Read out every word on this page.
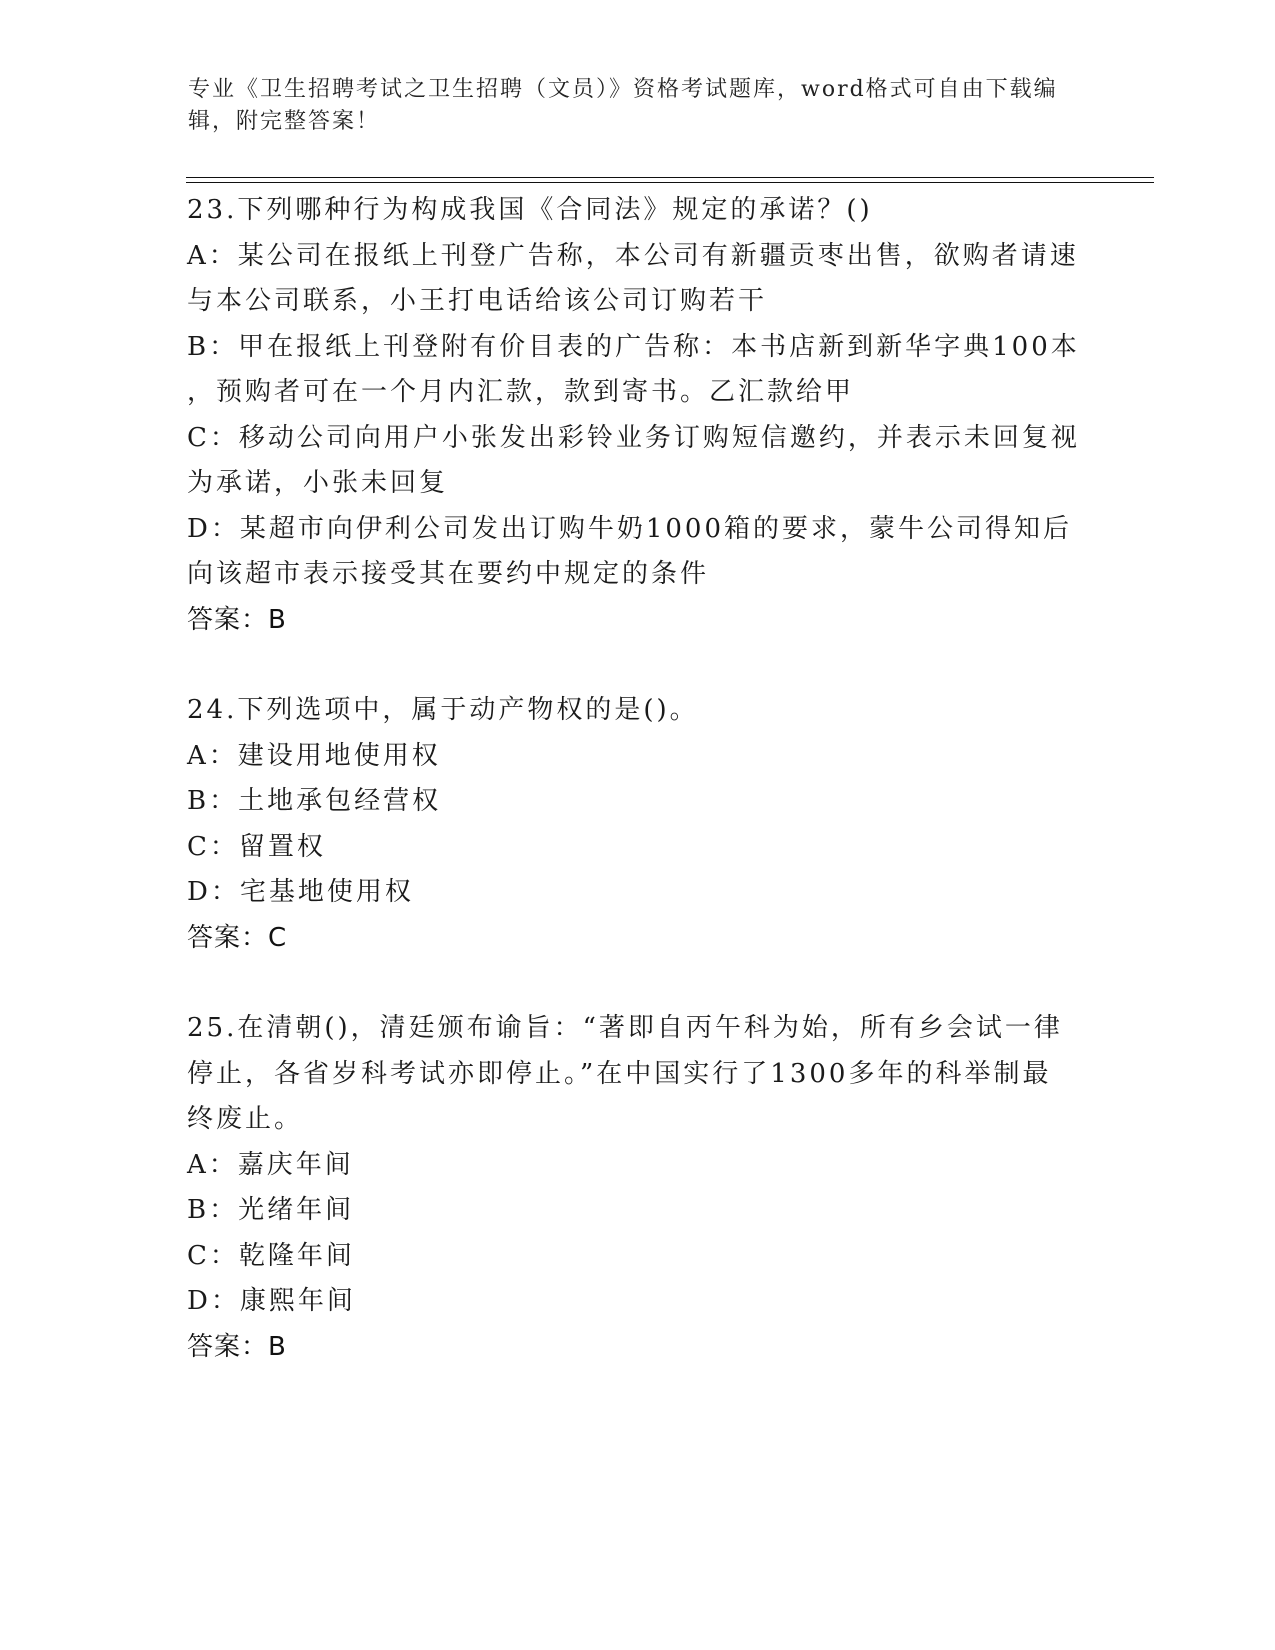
专业《卫生招聘考试之卫生招聘（文员）》资格考试题库，word格式可自由下载编辑，附完整答案！
23.下列哪种行为构成我国《合同法》规定的承诺？()
A：某公司在报纸上刊登广告称，本公司有新疆贡枣出售，欲购者请速
与本公司联系，小王打电话给该公司订购若干
B：甲在报纸上刊登附有价目表的广告称：本书店新到新华字典100本
，预购者可在一个月内汇款，款到寄书。乙汇款给甲
C：移动公司向用户小张发出彩铃业务订购短信邀约，并表示未回复视
为承诺，小张未回复
D：某超市向伊利公司发出订购牛奶1000箱的要求，蒙牛公司得知后
向该超市表示接受其在要约中规定的条件
答案：B
24.下列选项中，属于动产物权的是()。
A：建设用地使用权
B：土地承包经营权
C：留置权
D：宅基地使用权
答案：C
25.在清朝()，清廷颁布谕旨：“著即自丙午科为始，所有乡会试一律
停止，各省岁科考试亦即停止。”在中国实行了1300多年的科举制最
终废止。
A：嘉庆年间
B：光绪年间
C：乾隆年间
D：康熙年间
答案：B
